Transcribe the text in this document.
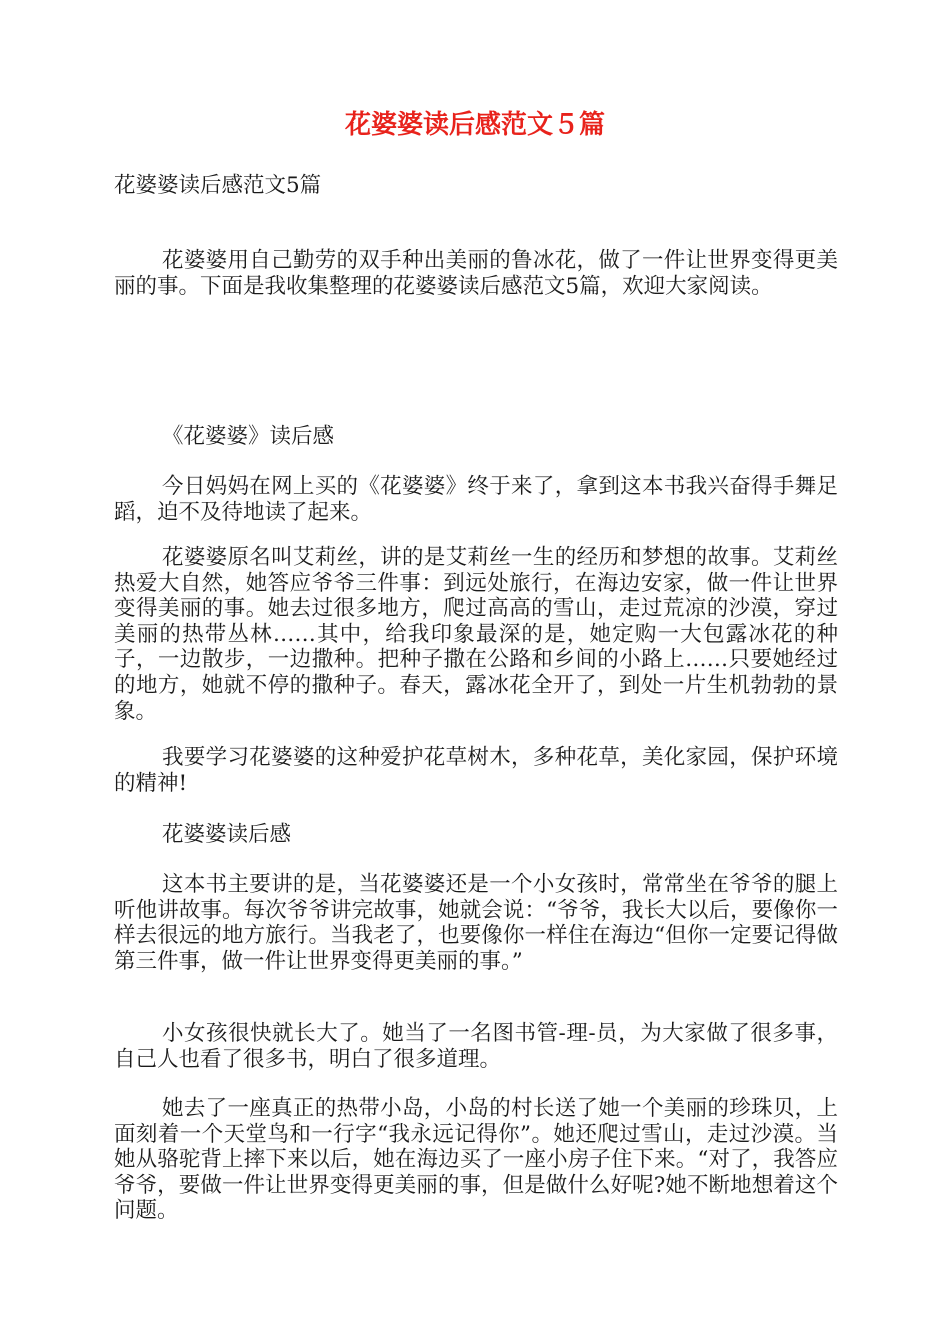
花婆婆读后感范文５篇

花婆婆读后感范文5篇

花婆婆用自己勤劳的双手种出美丽的鲁冰花，做了一件让世界变得更美丽的事。下面是我收集整理的花婆婆读后感范文5篇，欢迎大家阅读。

《花婆婆》读后感

今日妈妈在网上买的《花婆婆》终于来了，拿到这本书我兴奋得手舞足蹈，迫不及待地读了起来。

花婆婆原名叫艾莉丝，讲的是艾莉丝一生的经历和梦想的故事。艾莉丝热爱大自然，她答应爷爷三件事：到远处旅行，在海边安家，做一件让世界变得美丽的事。她去过很多地方，爬过高高的雪山，走过荒凉的沙漠，穿过美丽的热带丛林……其中，给我印象最深的是，她定购一大包露冰花的种子，一边散步，一边撒种。把种子撒在公路和乡间的小路上……只要她经过的地方，她就不停的撒种子。春天，露冰花全开了，到处一片生机勃勃的景象。

我要学习花婆婆的这种爱护花草树木，多种花草，美化家园，保护环境的精神!

花婆婆读后感

这本书主要讲的是，当花婆婆还是一个小女孩时，常常坐在爷爷的腿上听他讲故事。每次爷爷讲完故事，她就会说：“爷爷，我长大以后，要像你一样去很远的地方旅行。当我老了，也要像你一样住在海边“但你一定要记得做第三件事，做一件让世界变得更美丽的事。”

小女孩很快就长大了。她当了一名图书管-理-员，为大家做了很多事，自己人也看了很多书，明白了很多道理。

她去了一座真正的热带小岛，小岛的村长送了她一个美丽的珍珠贝，上面刻着一个天堂鸟和一行字“我永远记得你”。她还爬过雪山，走过沙漠。当她从骆驼背上摔下来以后，她在海边买了一座小房子住下来。“对了，我答应爷爷，要做一件让世界变得更美丽的事，但是做什么好呢?她不断地想着这个问题。
